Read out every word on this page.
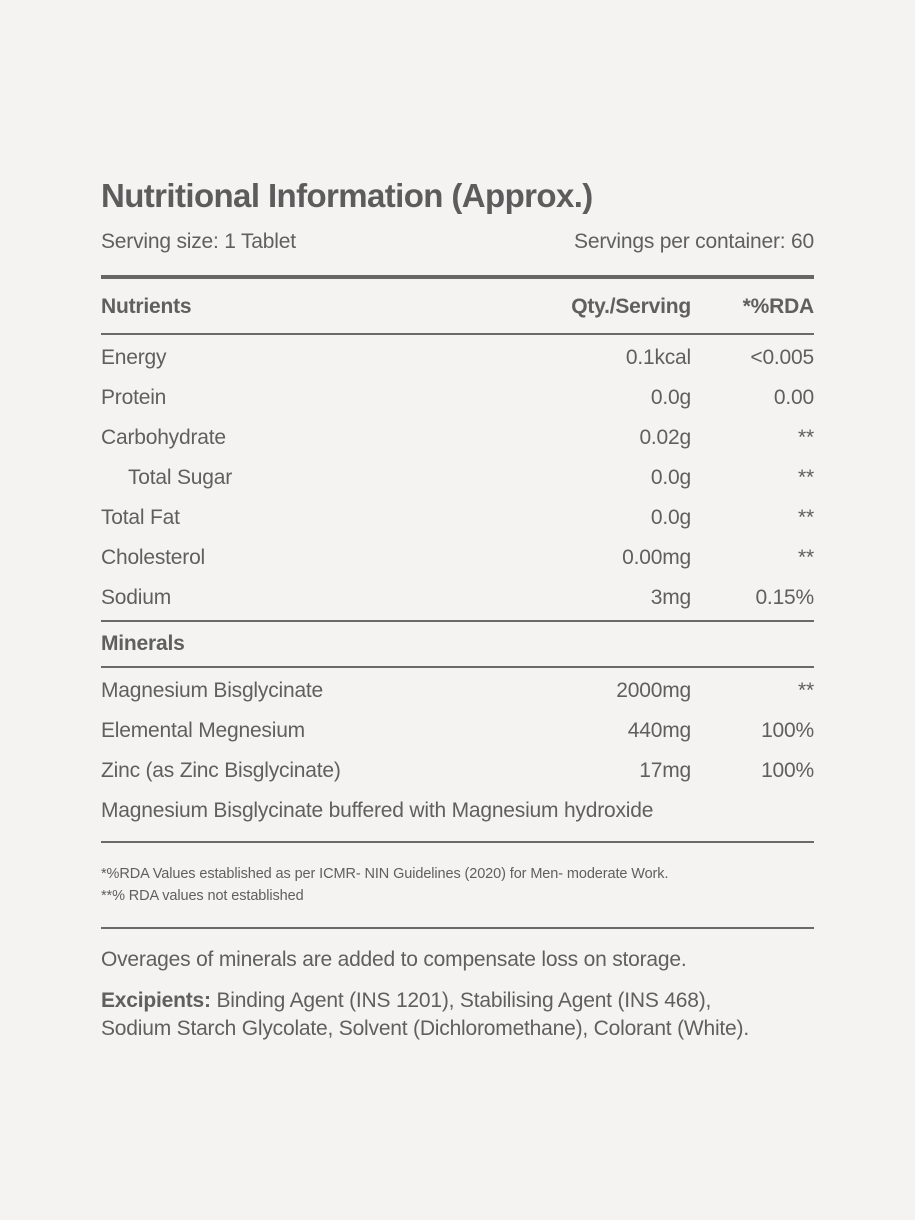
Nutritional Information (Approx.)
Serving size: 1 Tablet	Servings per container: 60
Nutrients	Qty./Serving	*%RDA
Energy	0.1kcal	<0.005
Protein	0.0g	0.00
Carbohydrate	0.02g	**
Total Sugar	0.0g	**
Total Fat	0.0g	**
Cholesterol	0.00mg	**
Sodium	3mg	0.15%
Minerals
Magnesium Bisglycinate	2000mg	**
Elemental Megnesium	440mg	100%
Zinc (as Zinc Bisglycinate)	17mg	100%
Magnesium Bisglycinate buffered with Magnesium hydroxide
*%RDA Values established as per ICMR- NIN Guidelines (2020) for Men- moderate Work.
**% RDA values not established
Overages of minerals are added to compensate loss on storage.
Excipients: Binding Agent (INS 1201), Stabilising Agent (INS 468),
Sodium Starch Glycolate, Solvent (Dichloromethane), Colorant (White).
